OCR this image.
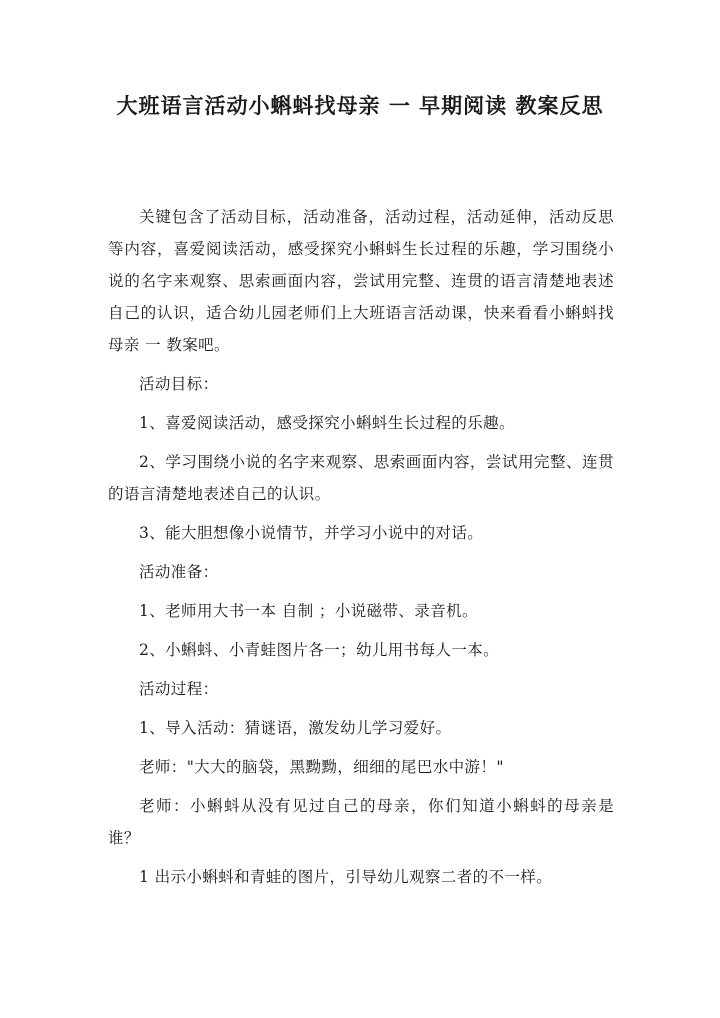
大班语言活动小蝌蚪找母亲 一 早期阅读 教案反思

关键包含了活动目标，活动准备，活动过程，活动延伸，活动反思等内容，喜爱阅读活动，感受探究小蝌蚪生长过程的乐趣，学习围绕小说的名字来观察、思索画面内容，尝试用完整、连贯的语言清楚地表述自己的认识，适合幼儿园老师们上大班语言活动课，快来看看小蝌蚪找母亲 一 教案吧。

活动目标：

1、喜爱阅读活动，感受探究小蝌蚪生长过程的乐趣。

2、学习围绕小说的名字来观察、思索画面内容，尝试用完整、连贯的语言清楚地表述自己的认识。

3、能大胆想像小说情节，并学习小说中的对话。

活动准备：

1、老师用大书一本 自制 ；小说磁带、录音机。

2、小蝌蚪、小青蛙图片各一；幼儿用书每人一本。

活动过程：

1、导入活动：猜谜语，激发幼儿学习爱好。

老师："大大的脑袋，黑黝黝，细细的尾巴水中游！"

老师：小蝌蚪从没有见过自己的母亲，你们知道小蝌蚪的母亲是谁？

1 出示小蝌蚪和青蛙的图片，引导幼儿观察二者的不一样。
